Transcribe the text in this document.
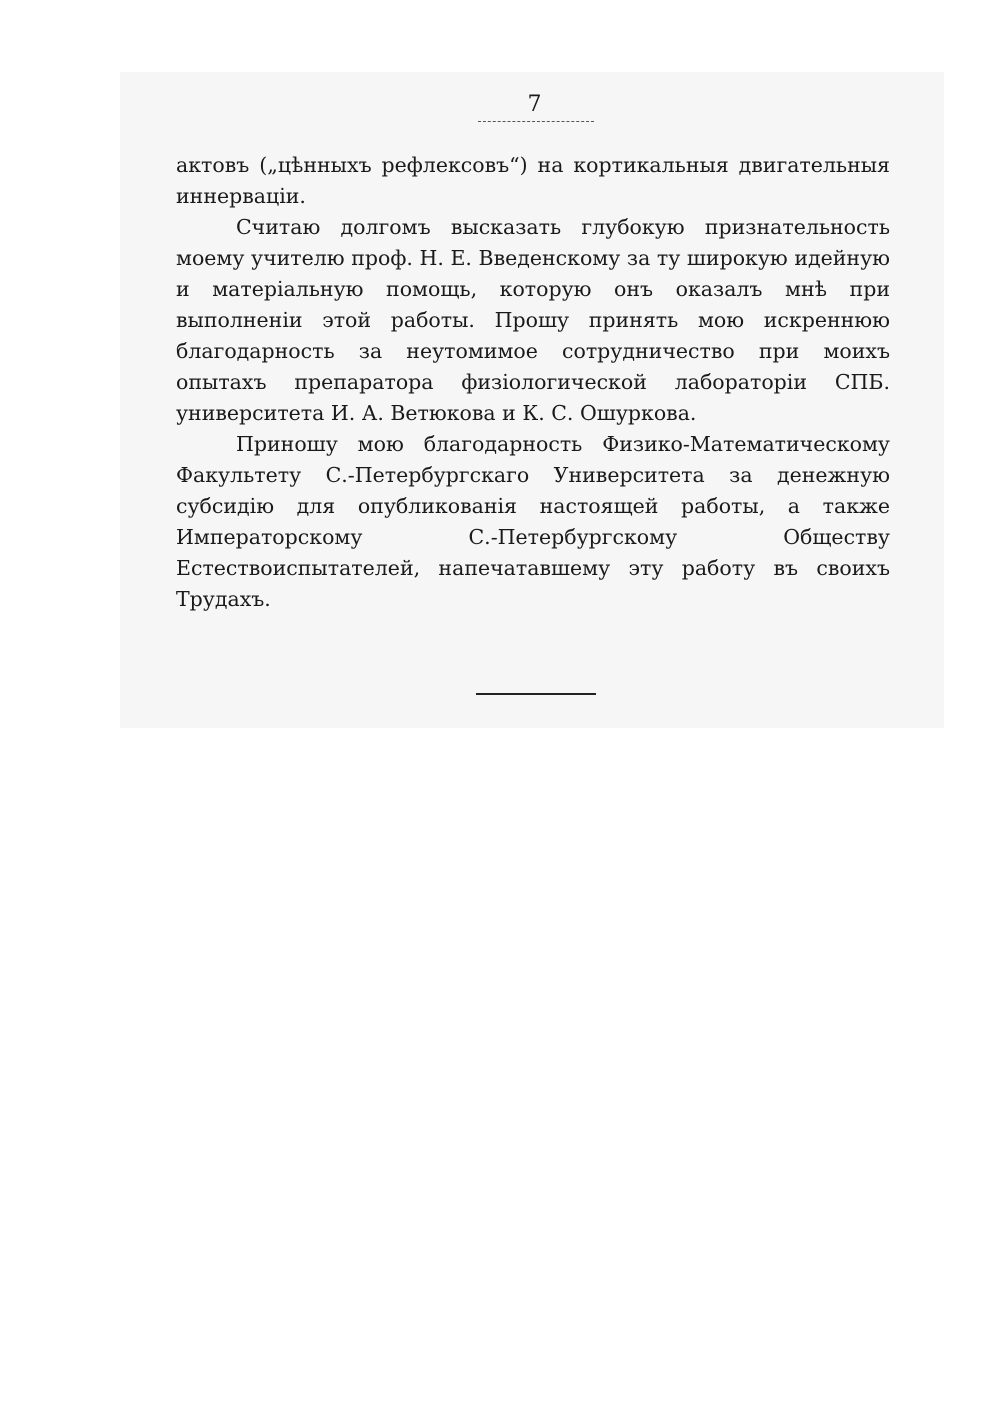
7

актовъ („цѣнныхъ рефлексовъ“) на кортикальныя двигательныя иннерваціи.

Считаю долгомъ высказать глубокую признательность моему учителю проф. Н. Е. Введенскому за ту широкую идейную и матеріальную помощь, которую онъ оказалъ мнѣ при выполненіи этой работы. Прошу принять мою искреннюю благодарность за неутомимое сотрудничество при моихъ опытахъ препаратора физіологической лабораторіи СПБ. университета И. А. Ветюкова и К. С. Ошуркова.

Приношу мою благодарность Физико-Математическому Факультету С.-Петербургскаго Университета за денежную субсидію для опубликованія настоящей работы, а также Императорскому С.-Петербургскому Обществу Естествоиспытателей, напечатавшему эту работу въ своихъ Трудахъ.
